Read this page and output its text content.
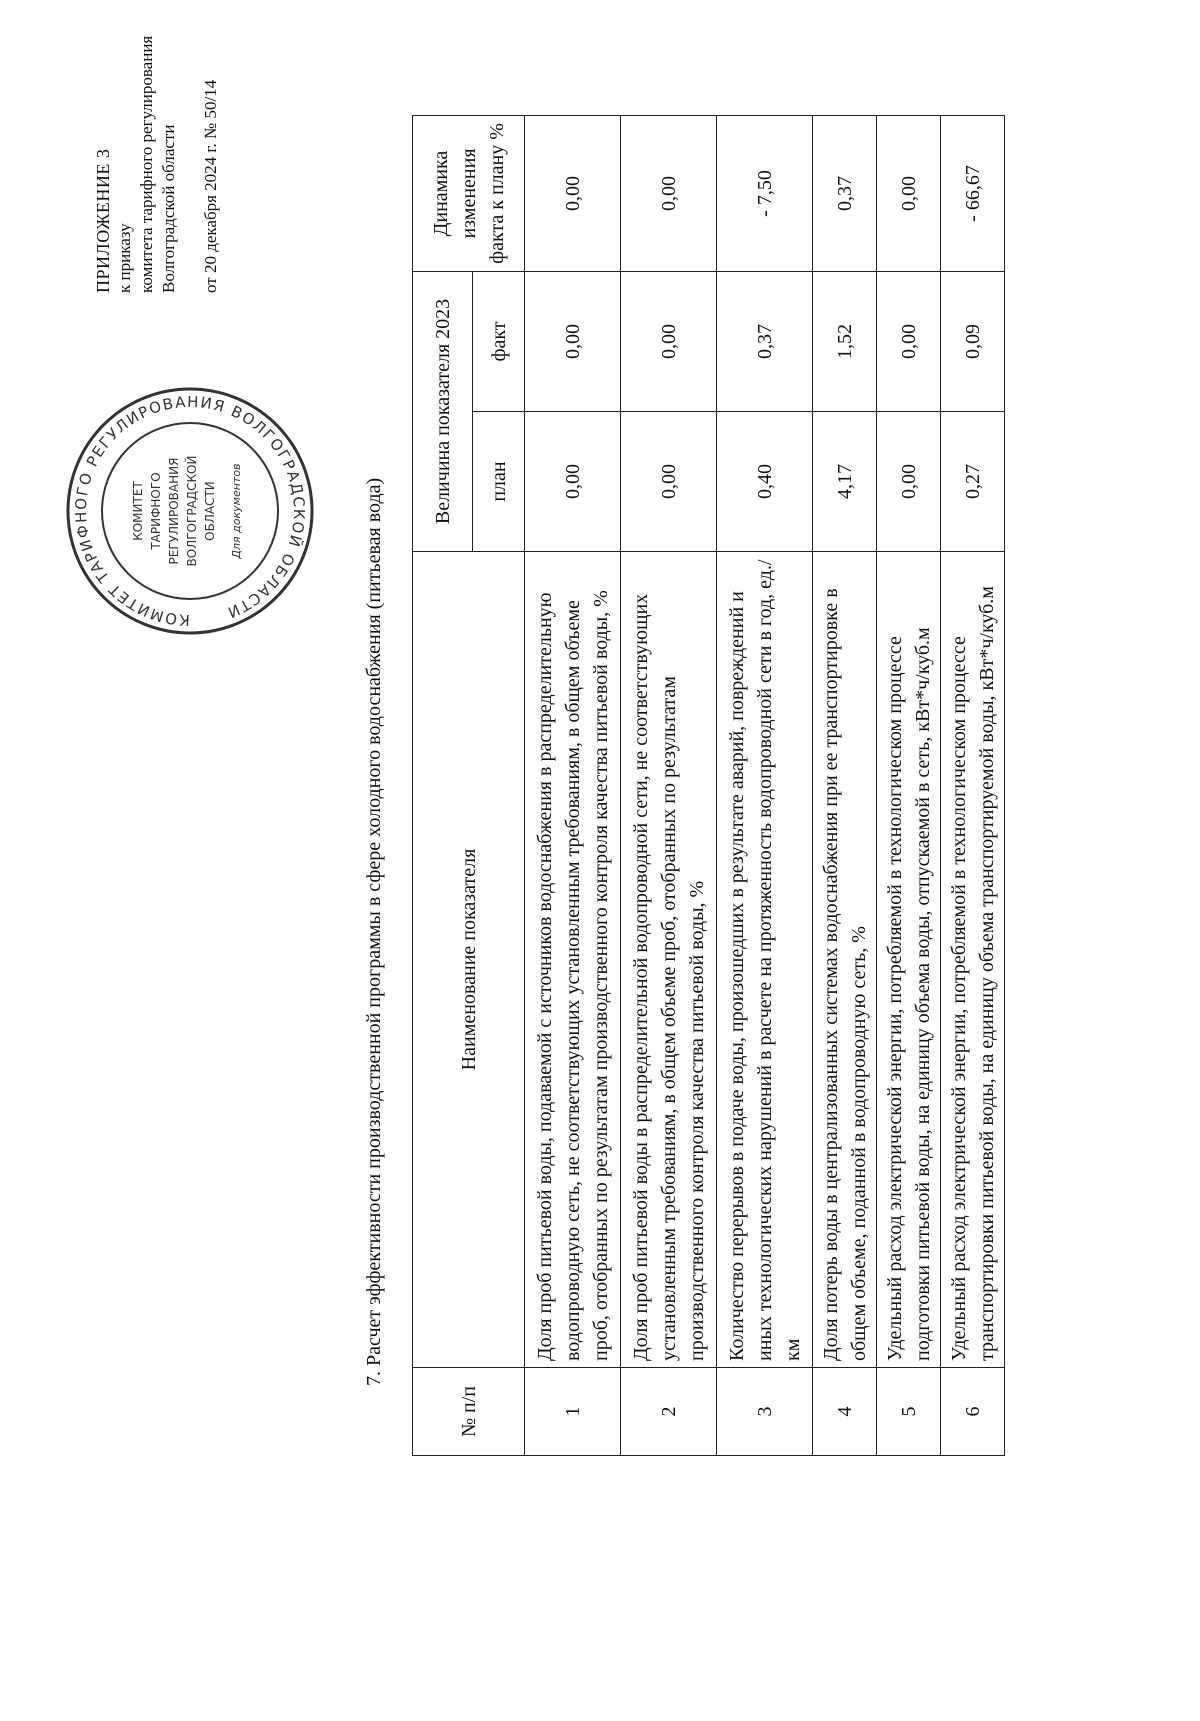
КОМИТЕТ ТАРИФНОГО РЕГУЛИРОВАНИЯ ВОЛГОГРАДСКОЙ ОБЛАСТИ
КОМИТЕТ ТАРИФНОГО РЕГУЛИРОВАНИЯ ВОЛГОГРАДСКОЙ ОБЛАСТИ Для документов
ПРИЛОЖЕНИЕ 3 к приказу комитета тарифного регулирования Волгоградской области от 20 декабря 2024 г. № 50/14
7. Расчет эффективности производственной программы в сфере холодного водоснабжения (питьевая вода)
№ п/п	Наименование показателя	Величина показателя 2023		Динамика изменения факта к плану %
		план	факт	
1	Доля проб питьевой воды, подаваемой с источников водоснабжения в распределительную водопроводную сеть, не соответствующих установленным требованиям, в общем объеме проб, отобранных по результатам производственного контроля качества питьевой воды, %	0,00	0,00	0,00
2	Доля проб питьевой воды в распределительной водопроводной сети, не соответствующих установленным требованиям, в общем объеме проб, отобранных по результатам производственного контроля качества питьевой воды, %	0,00	0,00	0,00
3	Количество перерывов в подаче воды, произошедших в результате аварий, повреждений и иных технологических нарушений в расчете на протяженность водопроводной сети в год, ед./км	0,40	0,37	- 7,50
4	Доля потерь воды в централизованных системах водоснабжения при ее транспортировке в общем объеме, поданной в водопроводную сеть, %	4,17	1,52	0,37
5	Удельный расход электрической энергии, потребляемой в технологическом процессе подготовки питьевой воды, на единицу объема воды, отпускаемой в сеть, кВт*ч/куб.м	0,00	0,00	0,00
6	Удельный расход электрической энергии, потребляемой в технологическом процессе транспортировки питьевой воды, на единицу объема транспортируемой воды, кВт*ч/куб.м	0,27	0,09	- 66,67
